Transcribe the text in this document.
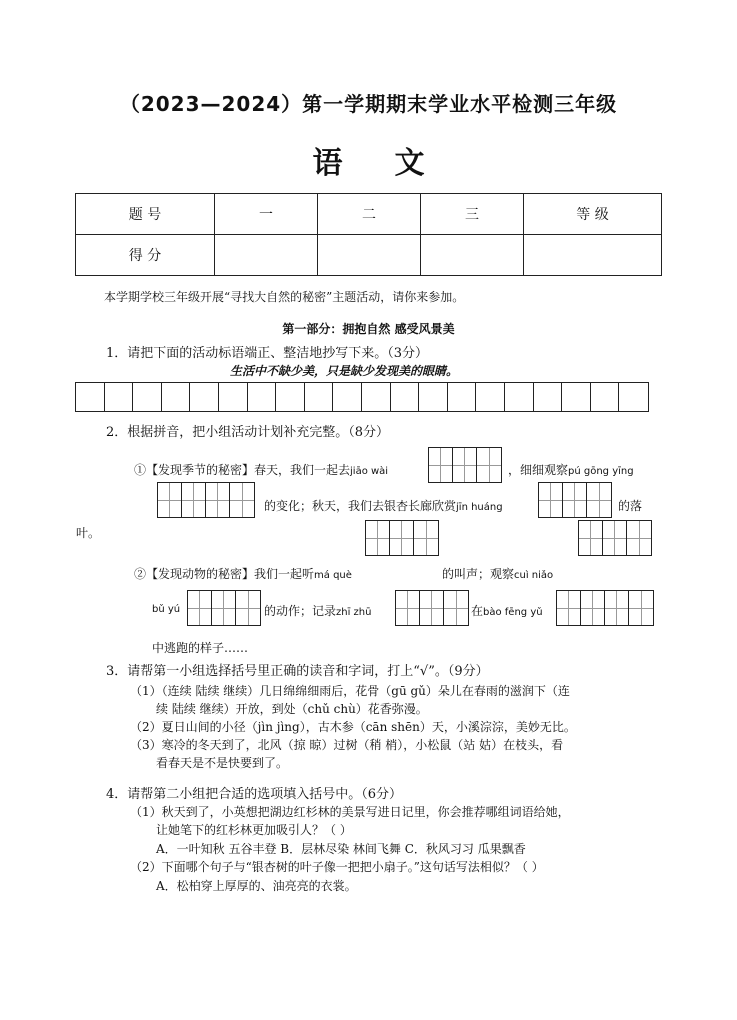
（2023—2024）第一学期期末学业水平检测三年级
语 文
题 号	一	二	三	等 级
得 分				
本学期学校三年级开展“寻找大自然的秘密”主题活动，请你来参加。
第一部分：拥抱自然 感受风景美
1．请把下面的活动标语端正、整洁地抄写下来。（3分）
生活中不缺少美，只是缺少发现美的眼睛。
2．根据拼音，把小组活动计划补充完整。（8分）
①【发现季节的秘密】春天，我们一起去jiāo wài	，细细观察pú gōng yīng
的变化；秋天，我们去银杏长廊欣赏jīn huáng	的落
叶。
②【发现动物的秘密】我们一起听má què	的叫声；观察cuì niǎo
bǔ yú	的动作；记录zhī zhū	在bào fēng yǔ
中逃跑的样子……
3．请帮第一小组选择括号里正确的读音和字词，打上“√”。（9分）
（1）（连续 陆续 继续）几日绵绵细雨后，花骨（gū gǔ）朵儿在春雨的滋润下（连
续 陆续 继续）开放，到处（chǔ chù）花香弥漫。
（2）夏日山间的小径（jìn jìng），古木参（cān shēn）天，小溪淙淙，美妙无比。
（3）寒冷的冬天到了，北风（掠 晾）过树（稍 梢），小松鼠（站 姑）在枝头，看
看春天是不是快要到了。
4．请帮第二小组把合适的选项填入括号中。（6分）
（1）秋天到了，小英想把湖边红杉林的美景写进日记里，你会推荐哪组词语给她，
让她笔下的红杉林更加吸引人？（ ）
A．一叶知秋 五谷丰登 B．层林尽染 林间飞舞 C．秋风习习 瓜果飘香
（2）下面哪个句子与“银杏树的叶子像一把把小扇子。”这句话写法相似？（ ）
A．松柏穿上厚厚的、油亮亮的衣裳。
